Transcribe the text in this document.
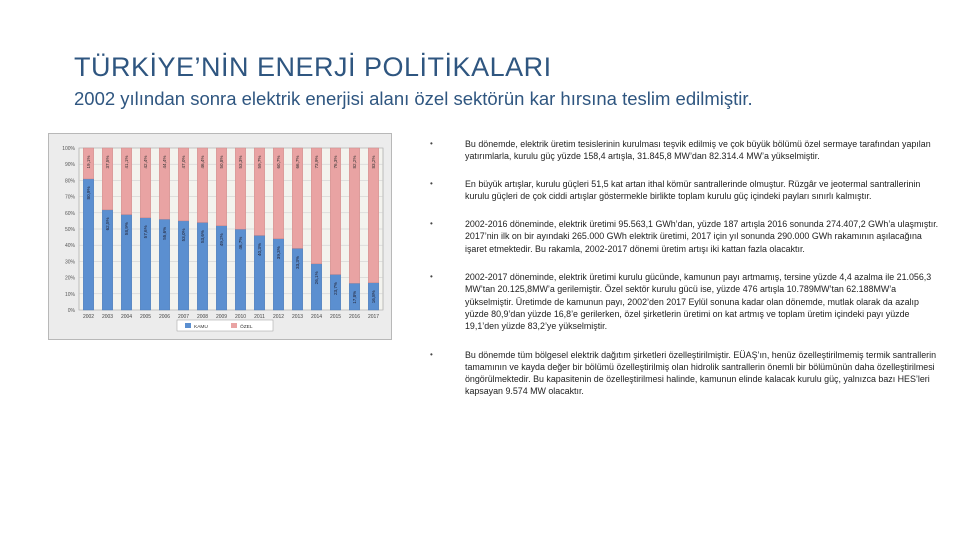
TÜRKİYE’NİN ENERJİ POLİTİKALARI
2002 yılından sonra elektrik enerjisi alanı özel sektörün kar hırsına teslim edilmiştir.
100%
90%
80%
70%
60%
50%
40%
30%
20%
10%
0%
19,1%
80,9%
2002
37,5%
62,5%
2003
41,1%
58,9%
2004
42,4%
57,6%
2005
44,4%
55,6%
2006
47,0%
53,0%
2007
46,4%
53,6%
2008
50,8%
49,2%
2009
53,3%
46,7%
2010
59,7%
40,3%
2011
60,7%
39,3%
2012
66,7%
33,3%
2013
73,9%
26,1%
2014
76,3%
23,7%
2015
82,2%
17,8%
2016
83,2%
16,8%
2017
KAMU	ÖZEL
•	Bu dönemde, elektrik üretim tesislerinin kurulması teşvik edilmiş ve çok büyük bölümü özel sermaye tarafından yapılan yatırımlarla, kurulu güç yüzde 158,4 artışla, 31.845,8 MW’dan 82.314.4 MW’a yükselmiştir.
•	En büyük artışlar, kurulu güçleri 51,5 kat artan ithal kömür santrallerinde olmuştur. Rüzgâr ve jeotermal santrallerinin kurulu güçleri de çok ciddi artışlar göstermekle birlikte toplam kurulu güç içindeki payları sınırlı kalmıştır.
•	2002-2016 döneminde, elektrik üretimi 95.563,1 GWh’dan, yüzde 187 artışla 2016 sonunda 274.407,2 GWh’a ulaşmıştır. 2017’nin ilk on bir ayındaki 265.000 GWh elektrik üretimi, 2017 için yıl sonunda 290.000 GWh rakamının aşılacağına işaret etmektedir. Bu rakamla, 2002-2017 dönemi üretim artışı iki kattan fazla olacaktır.
•	2002-2017 döneminde, elektrik üretimi kurulu gücünde, kamunun payı artmamış, tersine yüzde 4,4 azalma ile 21.056,3 MW’tan 20.125,8MW’a gerilemiştir. Özel sektör kurulu gücü ise, yüzde 476 artışla 10.789MW’tan 62.188MW’a yükselmiştir. Üretimde de kamunun payı, 2002’den 2017 Eylül sonuna kadar olan dönemde, mutlak olarak da azalıp yüzde 80,9’dan yüzde 16,8’e gerilerken, özel şirketlerin üretimi on kat artmış ve toplam üretim içindeki payı yüzde 19,1’den yüzde 83,2’ye yükselmiştir.
•	Bu dönemde tüm bölgesel elektrik dağıtım şirketleri özelleştirilmiştir. EÜAŞ’ın, henüz özelleştirilmemiş termik santrallerin tamamının ve kayda değer bir bölümü özelleştirilmiş olan hidrolik santrallerin önemli bir bölümünün daha özelleştirilmesi öngörülmektedir. Bu kapasitenin de özelleştirilmesi halinde, kamunun elinde kalacak kurulu güç, yalnızca bazı HES’leri kapsayan 9.574 MW olacaktır.
